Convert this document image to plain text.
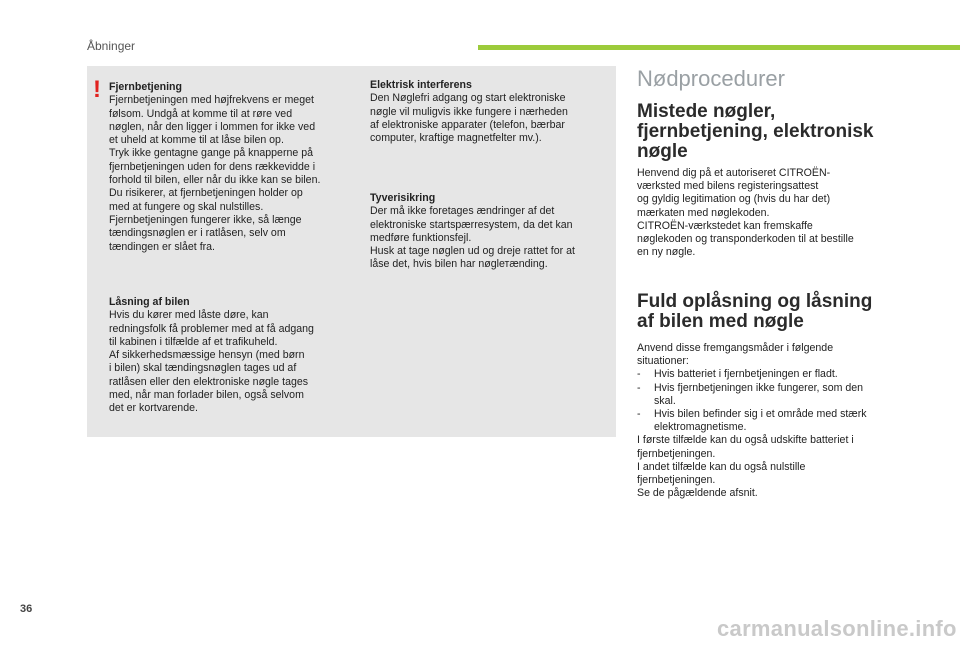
Åbninger
! Fjernbetjening

Fjernbetjeningen med højfrekvens er meget
følsom. Undgå at komme til at røre ved
nøglen, når den ligger i lommen for ikke ved
et uheld at komme til at låse bilen op.
Tryk ikke gentagne gange på knapperne på
fjernbetjeningen uden for dens rækkevidde i
forhold til bilen, eller når du ikke kan se bilen.
Du risikerer, at fjernbetjeningen holder op
med at fungere og skal nulstilles.
Fjernbetjeningen fungerer ikke, så længe
tændingsnøglen er i ratlåsen, selv om
tændingen er slået fra.

Låsning af bilen

Hvis du kører med låste døre, kan
redningsfolk få problemer med at få adgang
til kabinen i tilfælde af et trafikuheld.
Af sikkerhedsmæssige hensyn (med børn
i bilen) skal tændingsnøglen tages ud af
ratlåsen eller den elektroniske nøgle tages
med, når man forlader bilen, også selvom
det er kortvarende.

Elektrisk interferens

Den Nøglefri adgang og start elektroniske
nøgle vil muligvis ikke fungere i nærheden
af elektroniske apparater (telefon, bærbar
computer, kraftige magnetfelter mv.).

Tyverisikring

Der må ikke foretages ændringer af det
elektroniske startspærresystem, da det kan
medføre funktionsfejl.
Husk at tage nøglen ud og dreje rattet for at
låse det, hvis bilen har nøglетænding.

Nødprocedurer
Mistede nøgler,
fjernbetjening, elektronisk
nøgle

Henvend dig på et autoriseret CITROËN-
værksted med bilens registeringsattest
og gyldig legitimation og (hvis du har det)
mærkaten med nøglekoden.
CITROËN-værkstedet kan fremskaffe
nøglekoden og transponderkoden til at bestille
en ny nøgle.

Fuld oplåsning og låsning
af bilen med nøgle

Anvend disse fremgangsmåder i følgende
situationer:

- Hvis batteriet i fjernbetjeningen er fladt.
- Hvis fjernbetjeningen ikke fungerer, som den skal.
- Hvis bilen befinder sig i et område med stærk elektromagnetisme.

I første tilfælde kan du også udskifte batteriet i
fjernbetjeningen.
I andet tilfælde kan du også nulstille
fjernbetjeningen.
Se de pågældende afsnit.

36
carmanualsonline.info
